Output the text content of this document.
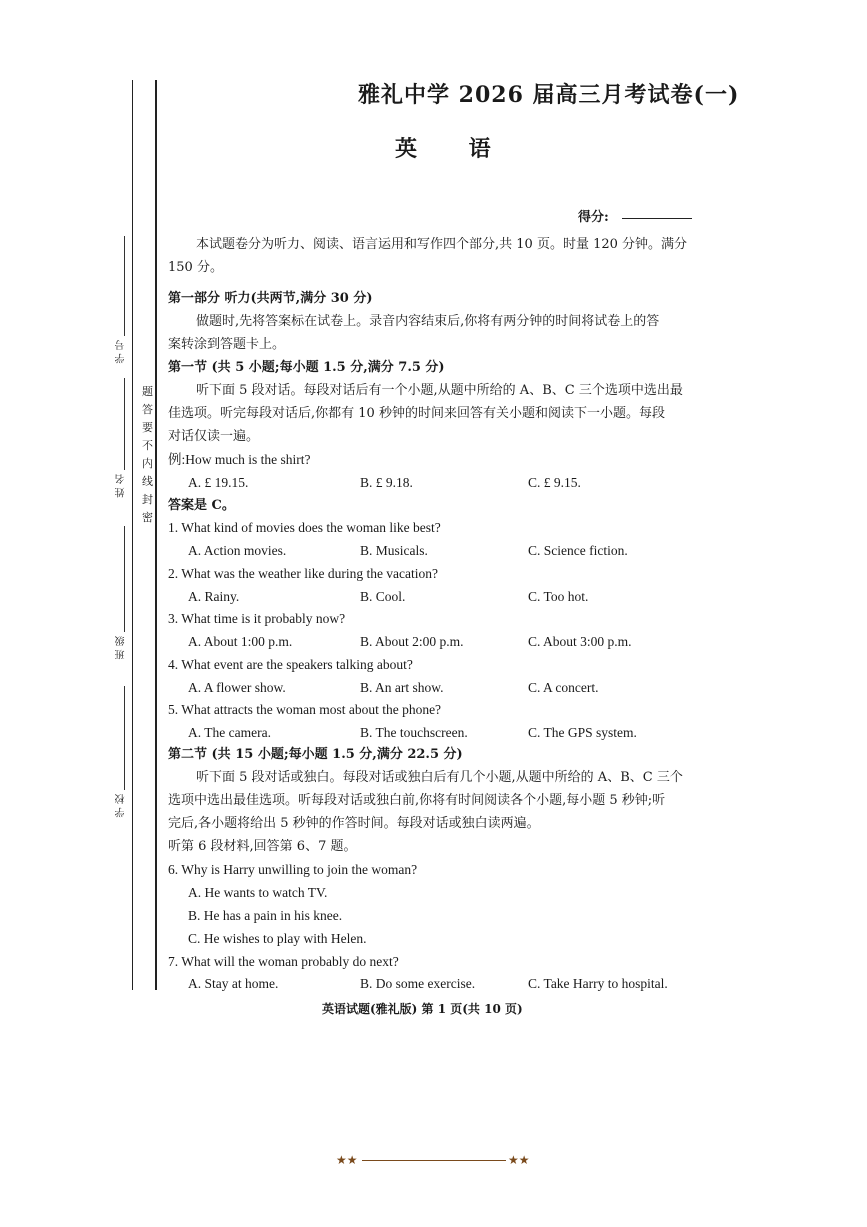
题
答
要
不
内
线
封
密
学 号
姓 名
班 级
学 校
雅礼中学 2026 届高三月考试卷(一)
英 语
得分:
本试题卷分为听力、阅读、语言运用和写作四个部分,共 10 页。时量 120 分钟。满分
150 分。
第一部分 听力(共两节,满分 30 分)
做题时,先将答案标在试卷上。录音内容结束后,你将有两分钟的时间将试卷上的答
案转涂到答题卡上。
第一节 (共 5 小题;每小题 1.5 分,满分 7.5 分)
听下面 5 段对话。每段对话后有一个小题,从题中所给的 A、B、C 三个选项中选出最
佳选项。听完每段对话后,你都有 10 秒钟的时间来回答有关小题和阅读下一小题。每段
对话仅读一遍。
例:How much is the shirt?
A. £ 19.15.	B. £ 9.18.	C. £ 9.15.
答案是 C。
1. What kind of movies does the woman like best?
A. Action movies.	B. Musicals.	C. Science fiction.
2. What was the weather like during the vacation?
A. Rainy.	B. Cool.	C. Too hot.
3. What time is it probably now?
A. About 1:00 p.m.	B. About 2:00 p.m.	C. About 3:00 p.m.
4. What event are the speakers talking about?
A. A flower show.	B. An art show.	C. A concert.
5. What attracts the woman most about the phone?
A. The camera.	B. The touchscreen.	C. The GPS system.
第二节 (共 15 小题;每小题 1.5 分,满分 22.5 分)
听下面 5 段对话或独白。每段对话或独白后有几个小题,从题中所给的 A、B、C 三个
选项中选出最佳选项。听每段对话或独白前,你将有时间阅读各个小题,每小题 5 秒钟;听
完后,各小题将给出 5 秒钟的作答时间。每段对话或独白读两遍。
听第 6 段材料,回答第 6、7 题。
6. Why is Harry unwilling to join the woman?
A. He wants to watch TV.
B. He has a pain in his knee.
C. He wishes to play with Helen.
7. What will the woman probably do next?
A. Stay at home.	B. Do some exercise.	C. Take Harry to hospital.
英语试题(雅礼版) 第 1 页(共 10 页)
★★	★★
